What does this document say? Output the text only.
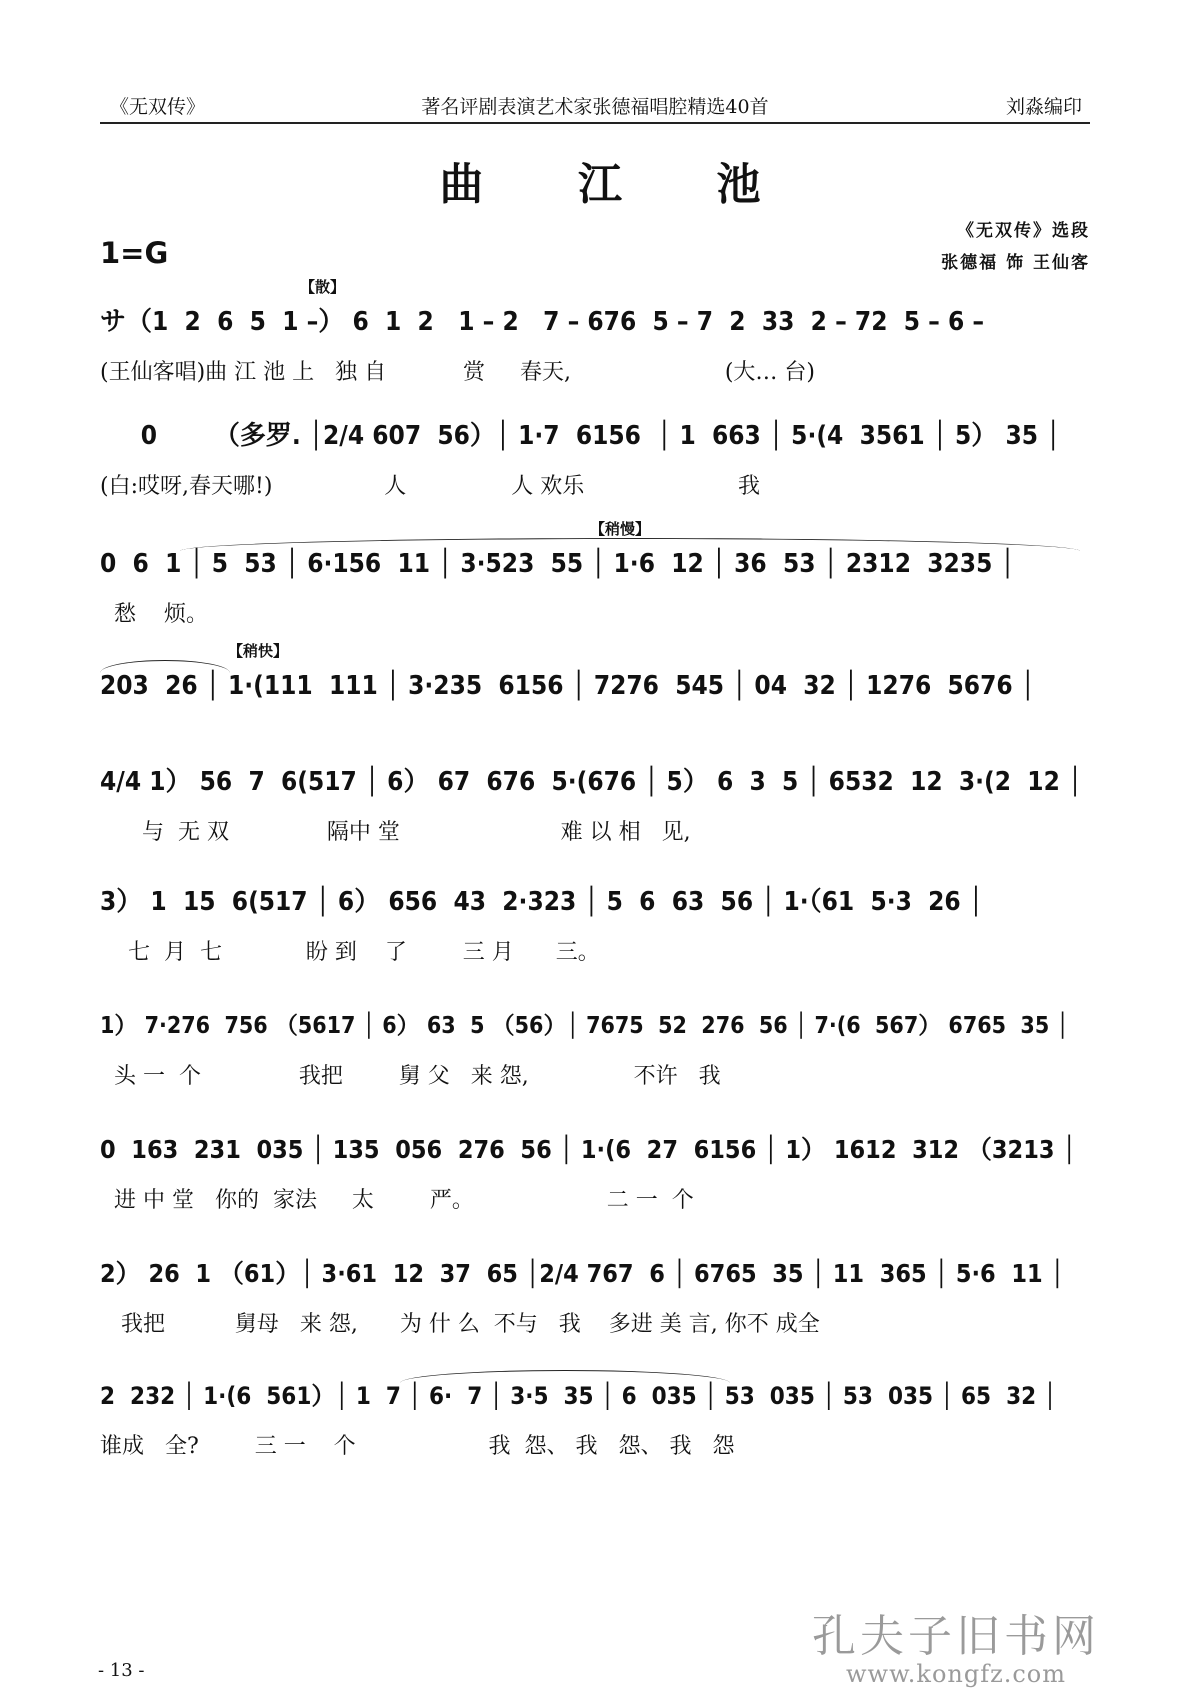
《无双传》	著名评剧表演艺术家张德福唱腔精选40首	刘淼编印
曲 江 池
1=G
《无双传》选段
张德福 饰 王仙客
【散】
サ（1  2  6  5  1 –） 6  1  2   1 – 2   7 – 676  5 – 7  2  33  2 – 72  5 – 6 –
(王仙客唱)曲 江 池 上   独 自           赏     春天,                      (大… 台)
0       （多罗. │2/4 607  56）│ 1·7  6156  │ 1  663 │ 5·(4  3561 │ 5） 35 │
(白:哎呀,春天哪!)                人               人 欢乐                      我
【稍慢】
0  6  1 │ 5  53 │ 6·156  11 │ 3·523  55 │ 1·6  12 │ 36  53 │ 2312  3235 │
愁    烦。
【稍快】
203  26 │ 1·(111  111 │ 3·235  6156 │ 7276  545 │ 04  32 │ 1276  5676 │
4/4 1） 56  7  6(517 │ 6） 67  676  5·(676 │ 5） 6  3  5 │ 6532  12  3·(2  12 │
与  无 双              隔中 堂                       难 以 相   见,
3） 1  15  6(517 │ 6） 656  43  2·323 │ 5  6  63  56 │ 1·（61  5·3  26 │
七  月  七            盼 到    了        三 月      三。
1） 7·276  756 （5617 │ 6） 63  5 （56）│ 7675  52  276  56 │ 7·(6  567） 6765  35 │
头 一  个              我把        舅 父   来 怨,               不许   我
0  163  231  035 │ 135  056  276  56 │ 1·(6  27  6156 │ 1） 1612  312 （3213 │
进 中 堂   你的  家法     太        严。                   二 一  个
2） 26  1 （61）│ 3·61  12  37  65 │2/4 767  6 │ 6765  35 │ 11  365 │ 5·6  11 │
我把          舅母   来 怨,      为 什 么  不与   我    多进 美 言, 你不 成全
2  232 │ 1·(6  561）│ 1  7 │ 6·  7 │ 3·5  35 │ 6  035 │ 53  035 │ 53  035 │ 65  32 │
谁成   全?        三 一    个                   我  怨、 我   怨、 我   怨
- 13 -
孔夫子旧书网
www.kongfz.com
